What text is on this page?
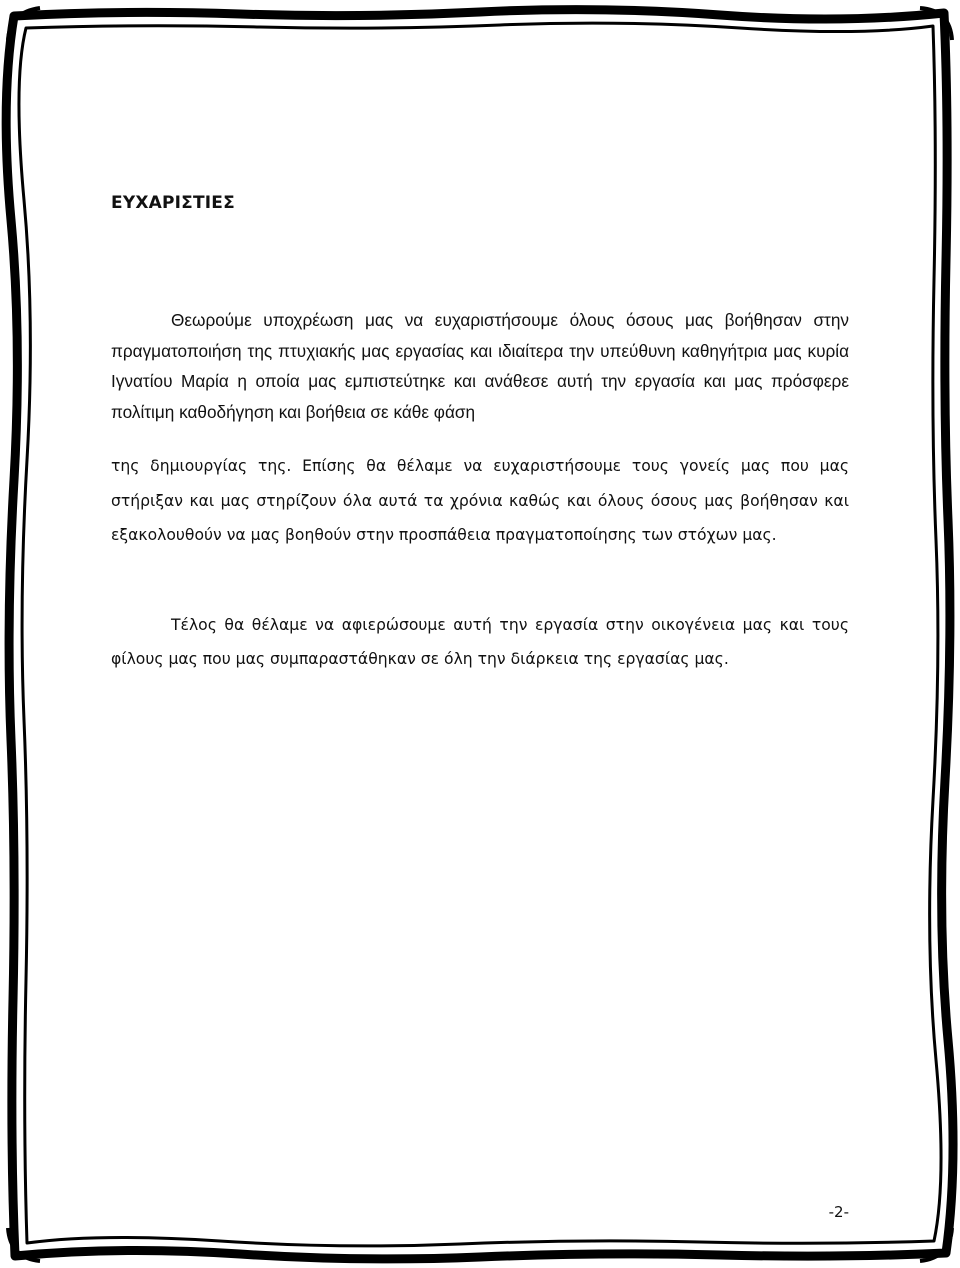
ΕΥΧΑΡΙΣΤΙΕΣ

Θεωρούμε υποχρέωση μας να ευχαριστήσουμε όλους όσους μας βοήθησαν στην πραγματοποιήση της πτυχιακής μας εργασίας και ιδιαίτερα την υπεύθυνη καθηγήτρια μας κυρία Ιγνατίου Μαρία η οποία μας εμπιστεύτηκε και ανάθεσε αυτή την εργασία και μας πρόσφερε πολίτιμη καθοδήγηση και βοήθεια σε κάθε φάση

της δημιουργίας της. Επίσης θα θέλαμε να ευχαριστήσουμε τους γονείς μας που μας στήριξαν και μας στηρίζουν όλα αυτά τα χρόνια καθώς και όλους όσους μας βοήθησαν και εξακολουθούν να μας βοηθούν στην προσπάθεια πραγματοποίησης των στόχων μας.

Τέλος θα θέλαμε να αφιερώσουμε αυτή την εργασία στην οικογένεια μας και τους φίλους μας που μας συμπαραστάθηκαν σε όλη την διάρκεια της εργασίας μας.

-2-
